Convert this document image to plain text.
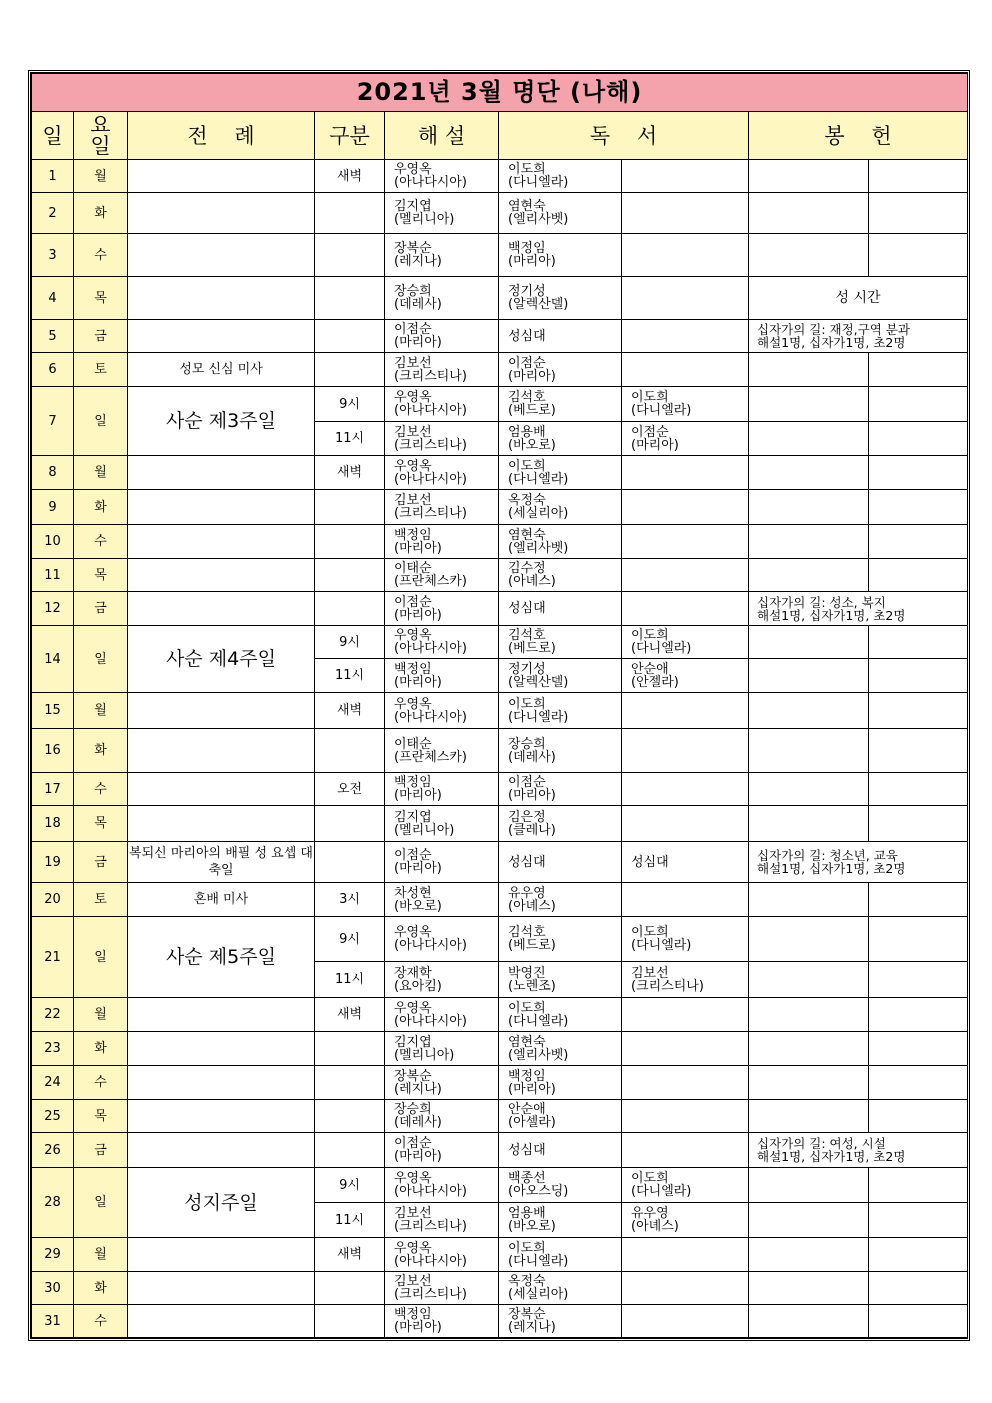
2021년 3월 명단 (나해)								
일	요일	전    례	구분	해 설	독    서		봉    헌	
1	월		새벽	우영옥
(아나다시아)	이도희
(다니엘라)			

2	화			김지엽
(멜리니아)	염현숙
(엘리사벳)			

3	수			장복순
(레지나)	백정임
(마리아)			

4	목			장승희
(데레사)	정기성
(알렉산델)		성 시간	
5	금			이점순
(마리아)	성심대		십자가의 길: 재정,구역 분과
해설1명, 십자가1명, 초2명	

6	토	성모 신심 미사		김보선
(크리스티나)	이점순
(마리아)			

7	일	사순 제3주일	9시	우영옥
(아나다시아)	김석호
(베드로)	이도희
(다니엘라)		

			11시	김보선
(크리스티나)	엄용배
(바오로)	이점순
(마리아)		

8	월		새벽	우영옥
(아나다시아)	이도희
(다니엘라)			

9	화			김보선
(크리스티나)	옥정숙
(세실리아)			

10	수			백정임
(마리아)	염현숙
(엘리사벳)			

11	목			이태순
(프란체스카)	김수정
(아녜스)			

12	금			이점순
(마리아)	성심대		십자가의 길: 성소, 복지
해설1명, 십자가1명, 초2명	

14	일	사순 제4주일	9시	우영옥
(아나다시아)	김석호
(베드로)	이도희
(다니엘라)		

			11시	백정임
(마리아)	정기성
(알렉산델)	안순애
(안젤라)		

15	월		새벽	우영옥
(아나다시아)	이도희
(다니엘라)			

16	화			이태순
(프란체스카)	장승희
(데레사)			

17	수		오전	백정임
(마리아)	이점순
(마리아)			

18	목			김지엽
(멜리니아)	김은정
(클레나)			

19	금	복되신 마리아의 배필 성 요셉 대축일		이점순
(마리아)	성심대	성심대	십자가의 길: 청소년, 교육
해설1명, 십자가1명, 초2명	

20	토	혼배 미사	3시	차성현
(바오로)	유우영
(아녜스)			

21	일	사순 제5주일	9시	우영옥
(아나다시아)	김석호
(베드로)	이도희
(다니엘라)		

			11시	장재학
(요아킴)	박영진
(노렌조)	김보선
(크리스티나)		

22	월		새벽	우영옥
(아나다시아)	이도희
(다니엘라)			

23	화			김지엽
(멜리니아)	염현숙
(엘리사벳)			

24	수			장복순
(레지나)	백정임
(마리아)			

25	목			장승희
(데레사)	안순애
(아셀라)			

26	금			이점순
(마리아)	성심대		십자가의 길: 여성, 시설
해설1명, 십자가1명, 초2명	

28	일	성지주일	9시	우영옥
(아나다시아)	백종선
(아오스딩)	이도희
(다니엘라)		

			11시	김보선
(크리스티나)	엄용배
(바오로)	유우영
(아녜스)		

29	월		새벽	우영옥
(아나다시아)	이도희
(다니엘라)			

30	화			김보선
(크리스티나)	옥정숙
(세실리아)			

31	수			백정임
(마리아)	장복순
(레지나)			
